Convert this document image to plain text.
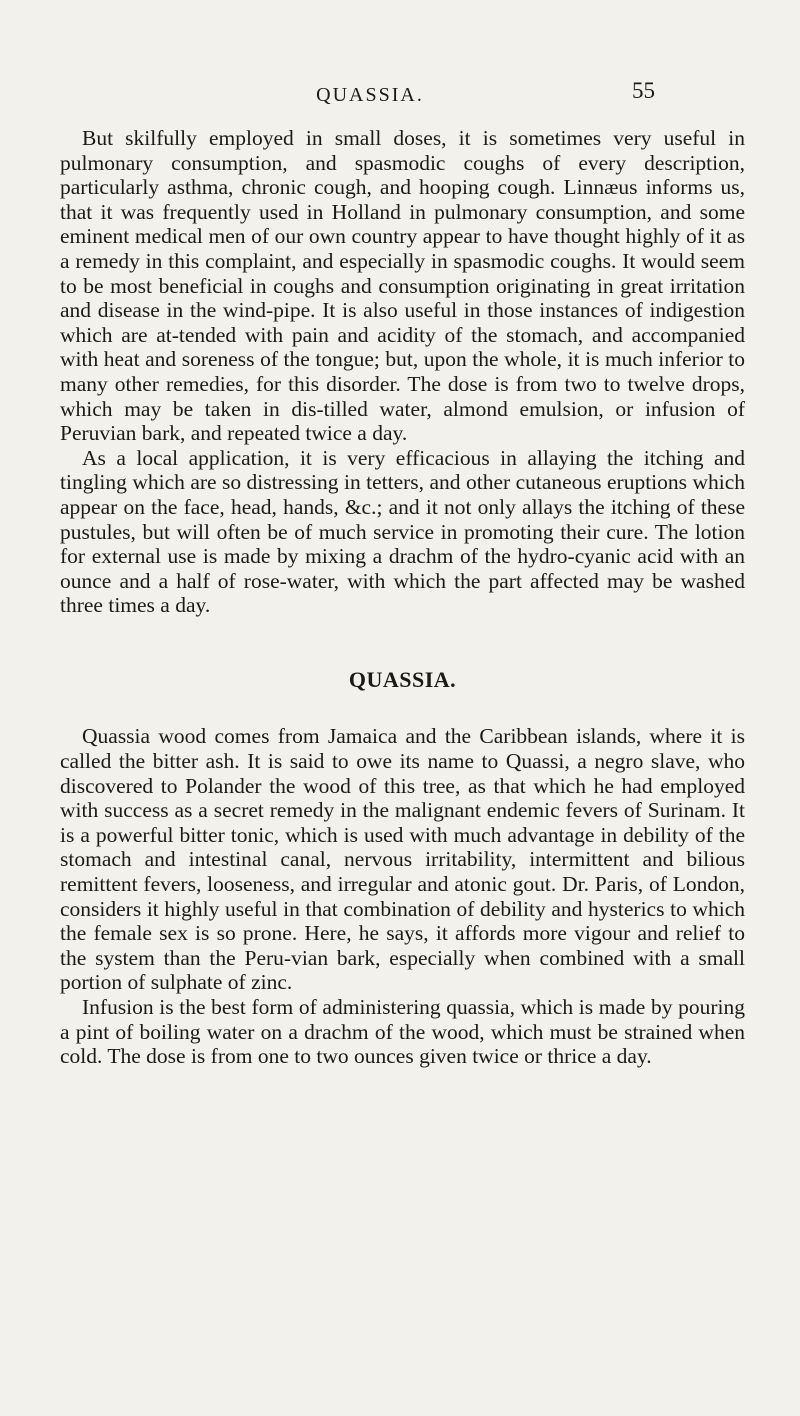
QUASSIA.	55

But skilfully employed in small doses, it is sometimes very useful in pulmonary consumption, and spasmodic coughs of every description, particularly asthma, chronic cough, and hooping cough. Linnæus informs us, that it was frequently used in Holland in pulmonary consumption, and some eminent medical men of our own country appear to have thought highly of it as a remedy in this complaint, and especially in spasmodic coughs. It would seem to be most beneficial in coughs and consumption originating in great irritation and disease in the wind-pipe. It is also useful in those instances of indigestion which are at-tended with pain and acidity of the stomach, and accompanied with heat and soreness of the tongue; but, upon the whole, it is much inferior to many other remedies, for this disorder. The dose is from two to twelve drops, which may be taken in dis-tilled water, almond emulsion, or infusion of Peruvian bark, and repeated twice a day.

As a local application, it is very efficacious in allaying the itching and tingling which are so distressing in tetters, and other cutaneous eruptions which appear on the face, head, hands, &c.; and it not only allays the itching of these pustules, but will often be of much service in promoting their cure. The lotion for external use is made by mixing a drachm of the hydro-cyanic acid with an ounce and a half of rose-water, with which the part affected may be washed three times a day.

QUASSIA.

Quassia wood comes from Jamaica and the Caribbean islands, where it is called the bitter ash. It is said to owe its name to Quassi, a negro slave, who discovered to Polander the wood of this tree, as that which he had employed with success as a secret remedy in the malignant endemic fevers of Surinam. It is a powerful bitter tonic, which is used with much advantage in debility of the stomach and intestinal canal, nervous irritability, intermittent and bilious remittent fevers, looseness, and irregular and atonic gout. Dr. Paris, of London, considers it highly useful in that combination of debility and hysterics to which the female sex is so prone. Here, he says, it affords more vigour and relief to the system than the Peru-vian bark, especially when combined with a small portion of sulphate of zinc.

Infusion is the best form of administering quassia, which is made by pouring a pint of boiling water on a drachm of the wood, which must be strained when cold. The dose is from one to two ounces given twice or thrice a day.
